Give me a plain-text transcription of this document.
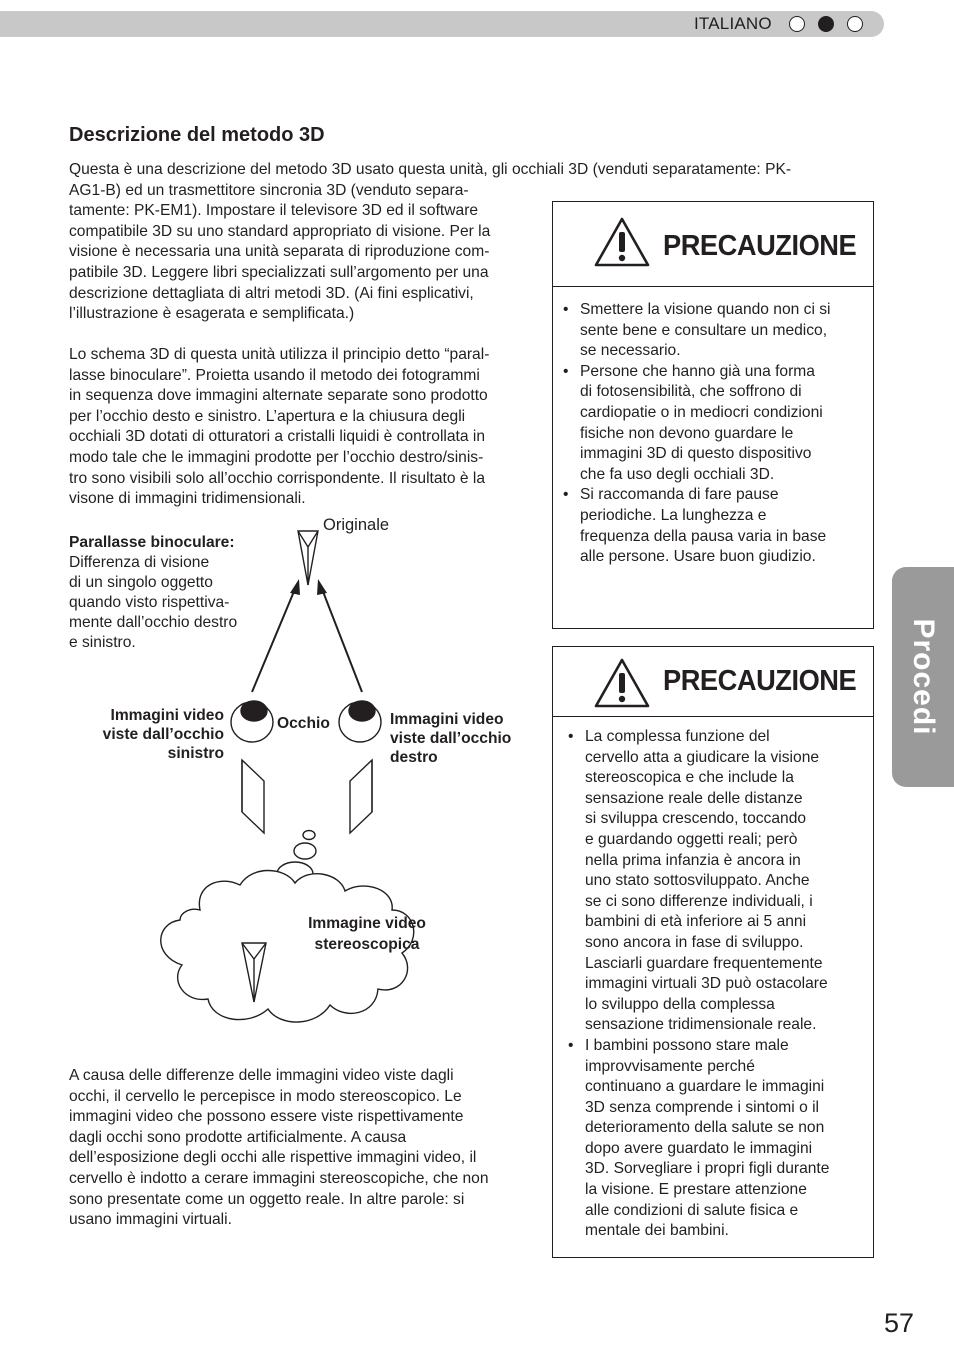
ITALIANO
Descrizione del metodo 3D
Questa è una descrizione del metodo 3D usato questa unità, gli occhiali 3D (venduti separatamente: PK-
AG1-B) ed un trasmettitore sincronia 3D (venduto separa-
tamente: PK-EM1). Impostare il televisore 3D ed il software
compatibile 3D su uno standard appropriato di visione. Per la
visione è necessaria una unità separata di riproduzione com-
patibile 3D. Leggere libri specializzati sull’argomento per una
descrizione dettagliata di altri metodi 3D. (Ai fini esplicativi,
l’illustrazione è esagerata e semplificata.)
Lo schema 3D di questa unità utilizza il principio detto “paral-
lasse binoculare”. Proietta usando il metodo dei fotogrammi
in sequenza dove immagini alternate separate sono prodotto
per l’occhio desto e sinistro. L’apertura e la chiusura degli
occhiali 3D dotati di otturatori a cristalli liquidi è controllata in
modo tale che le immagini prodotte per l’occhio destro/sinis-
tro sono visibili solo all’occhio corrispondente. Il risultato è la
visone di immagini tridimensionali.
Parallasse binoculare:
Differenza di visione
di un singolo oggetto
quando visto rispettiva-
mente dall’occhio destro
e sinistro.
Originale
Occhio
Immagini video
viste dall’occhio
sinistro
Immagini video
viste dall’occhio
destro
Immagine video
stereoscopica
A causa delle differenze delle immagini video viste dagli
occhi, il cervello le percepisce in modo stereoscopico. Le
immagini video che possono essere viste rispettivamente
dagli occhi sono prodotte artificialmente. A causa
dell’esposizione degli occhi alle rispettive immagini video, il
cervello è indotto a cerare immagini stereoscopiche, che non
sono presentate come un oggetto reale. In altre parole: si
usano immagini virtuali.
PRECAUZIONE
• Smettere la visione quando non ci si
sente bene e consultare un medico,
se necessario.
• Persone che hanno già una forma
di fotosensibilità, che soffrono di
cardiopatie o in mediocri condizioni
fisiche non devono guardare le
immagini 3D di questo dispositivo
che fa uso degli occhiali 3D.
• Si raccomanda di fare pause
periodiche. La lunghezza e
frequenza della pausa varia in base
alle persone. Usare buon giudizio.
PRECAUZIONE
• La complessa funzione del
cervello atta a giudicare la visione
stereoscopica e che include la
sensazione reale delle distanze
si sviluppa crescendo, toccando
e guardando oggetti reali; però
nella prima infanzia è ancora in
uno stato sottosviluppato. Anche
se ci sono differenze individuali, i
bambini di età inferiore ai 5 anni
sono ancora in fase di sviluppo.
Lasciarli guardare frequentemente
immagini virtuali 3D può ostacolare
lo sviluppo della complessa
sensazione tridimensionale reale.
• I bambini possono stare male
improvvisamente perché
continuano a guardare le immagini
3D senza comprende i sintomi o il
deterioramento della salute se non
dopo avere guardato le immagini
3D. Sorvegliare i propri figli durante
la visione. E prestare attenzione
alle condizioni di salute fisica e
mentale dei bambini.
Procedi
57
